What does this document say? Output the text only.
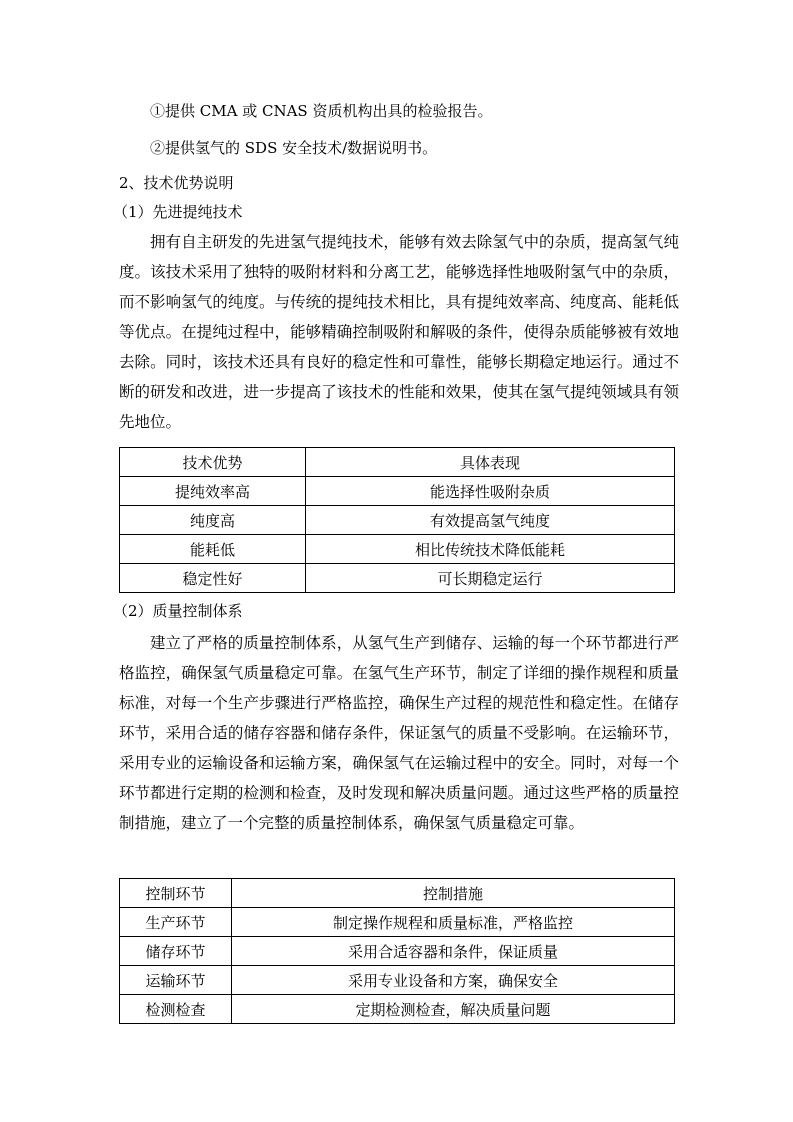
①提供 CMA 或 CNAS 资质机构出具的检验报告。
②提供氢气的 SDS 安全技术/数据说明书。
2、技术优势说明
（1）先进提纯技术
拥有自主研发的先进氢气提纯技术，能够有效去除氢气中的杂质，提高氢气纯度。该技术采用了独特的吸附材料和分离工艺，能够选择性地吸附氢气中的杂质，而不影响氢气的纯度。与传统的提纯技术相比，具有提纯效率高、纯度高、能耗低等优点。在提纯过程中，能够精确控制吸附和解吸的条件，使得杂质能够被有效地去除。同时，该技术还具有良好的稳定性和可靠性，能够长期稳定地运行。通过不断的研发和改进，进一步提高了该技术的性能和效果，使其在氢气提纯领域具有领先地位。
技术优势	具体表现
提纯效率高	能选择性吸附杂质
纯度高	有效提高氢气纯度
能耗低	相比传统技术降低能耗
稳定性好	可长期稳定运行
（2）质量控制体系
建立了严格的质量控制体系，从氢气生产到储存、运输的每一个环节都进行严格监控，确保氢气质量稳定可靠。在氢气生产环节，制定了详细的操作规程和质量标准，对每一个生产步骤进行严格监控，确保生产过程的规范性和稳定性。在储存环节，采用合适的储存容器和储存条件，保证氢气的质量不受影响。在运输环节，采用专业的运输设备和运输方案，确保氢气在运输过程中的安全。同时，对每一个环节都进行定期的检测和检查，及时发现和解决质量问题。通过这些严格的质量控制措施，建立了一个完整的质量控制体系，确保氢气质量稳定可靠。
控制环节	控制措施
生产环节	制定操作规程和质量标准，严格监控
储存环节	采用合适容器和条件，保证质量
运输环节	采用专业设备和方案，确保安全
检测检查	定期检测检查，解决质量问题
